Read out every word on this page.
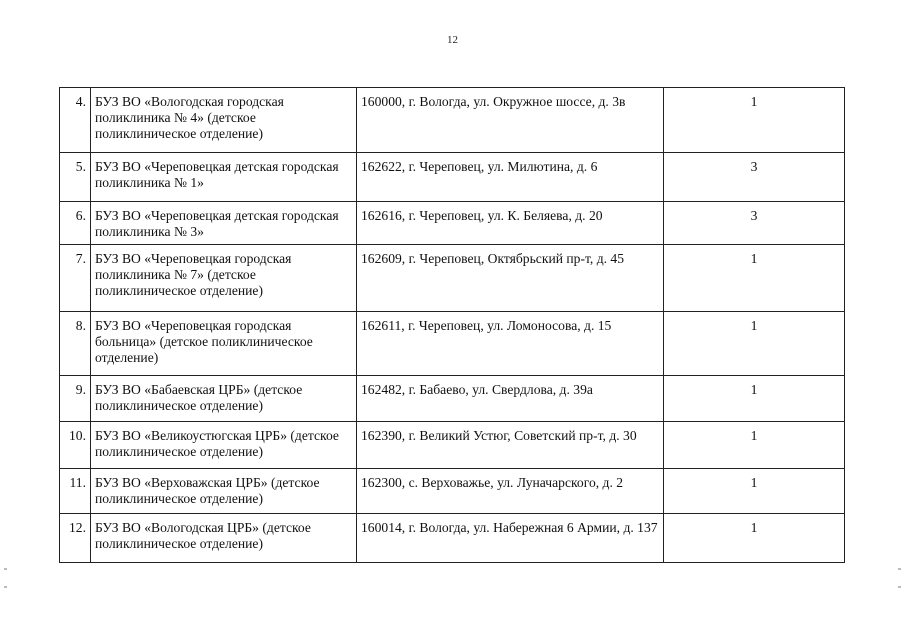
12
4.	БУЗ ВО «Вологодская городская поликлиника № 4» (детское поликлиническое отделение)	160000, г. Вологда, ул. Окружное шоссе, д. 3в	1
5.	БУЗ ВО «Череповецкая детская городская поликлиника № 1»	162622, г. Череповец, ул. Милютина, д. 6	3
6.	БУЗ ВО «Череповецкая детская городская поликлиника № 3»	162616, г. Череповец, ул. К. Беляева, д. 20	3
7.	БУЗ ВО «Череповецкая городская поликлиника № 7» (детское поликлиническое отделение)	162609, г. Череповец, Октябрьский пр-т, д. 45	1
8.	БУЗ ВО «Череповецкая городская больница» (детское поликлиническое отделение)	162611, г. Череповец, ул. Ломоносова, д. 15	1
9.	БУЗ ВО «Бабаевская ЦРБ» (детское поликлиническое отделение)	162482, г. Бабаево, ул. Свердлова, д. 39а	1
10.	БУЗ ВО «Великоустюгская ЦРБ» (детское поликлиническое отделение)	162390, г. Великий Устюг, Советский пр-т, д. 30	1
11.	БУЗ ВО «Верховажская ЦРБ» (детское поликлиническое отделение)	162300, с. Верховажье, ул. Луначарского, д. 2	1
12.	БУЗ ВО «Вологодская ЦРБ» (детское поликлиническое отделение)	160014, г. Вологда, ул. Набережная 6 Армии, д. 137	1
